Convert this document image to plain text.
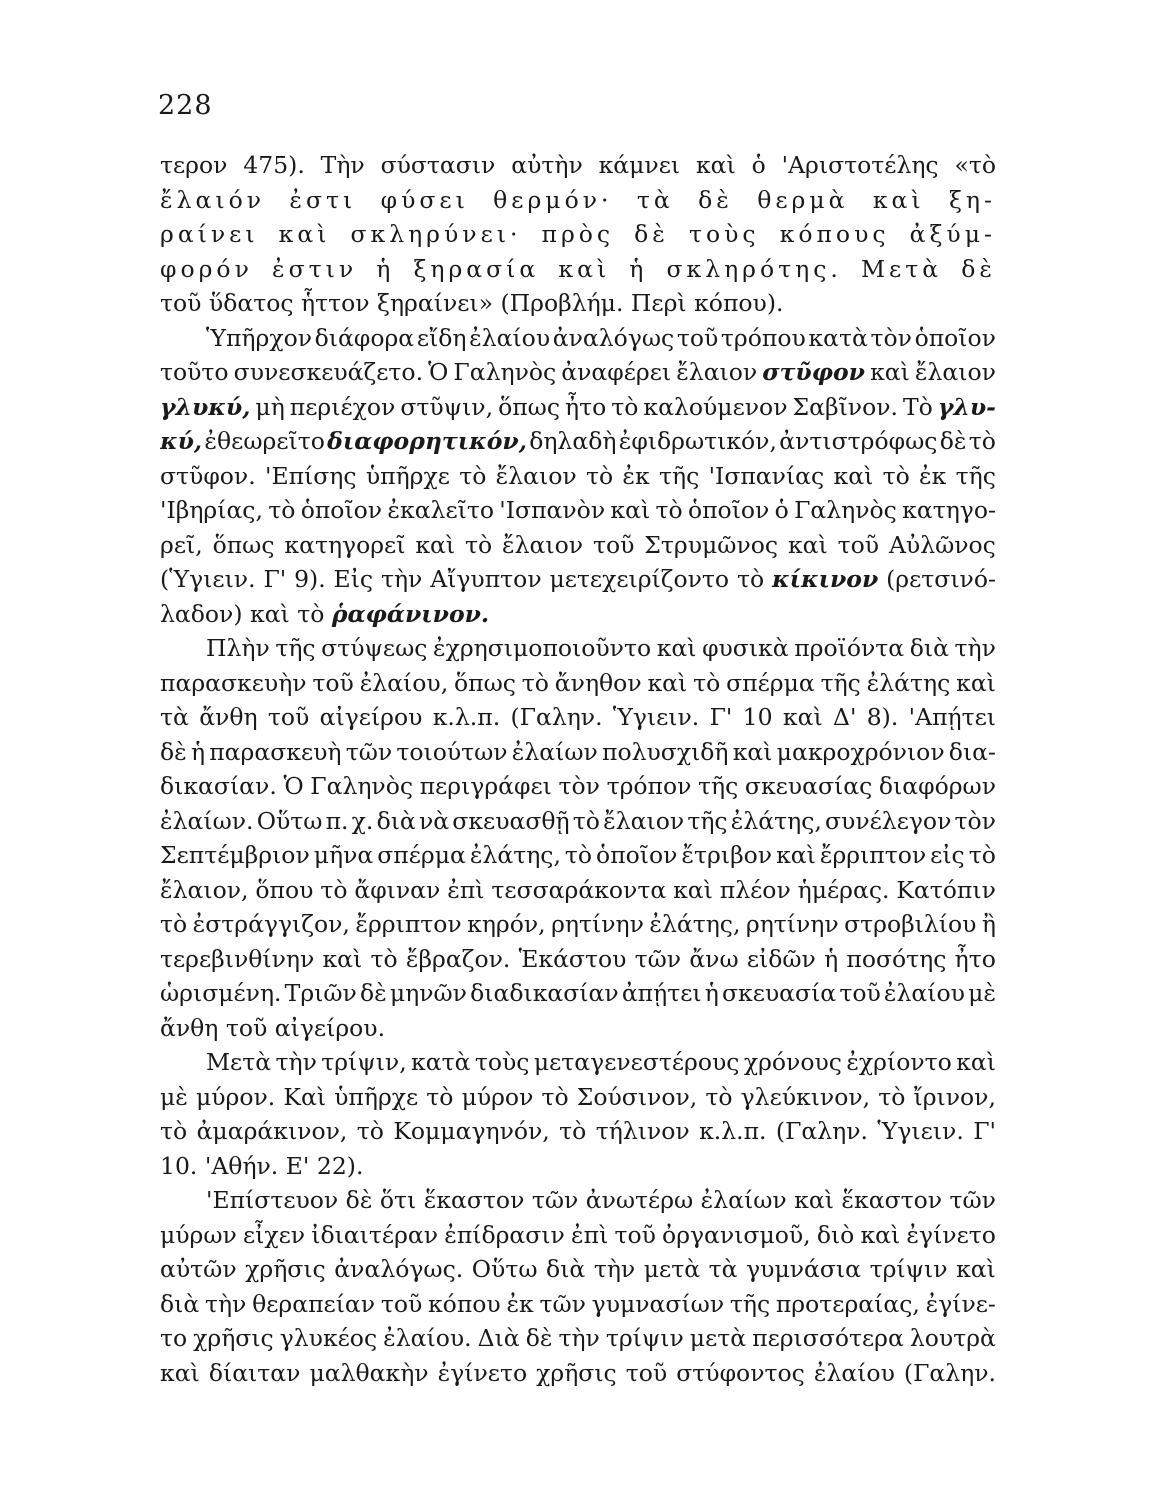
228
τερον 475). Τὴν σύστασιν αὐτὴν κάμνει καὶ ὁ 'Αριστοτέλης «τὸ
ἔλαιόν ἐστι φύσει θερμόν· τὰ δὲ θερμὰ καὶ ξη-
ραίνει καὶ σκληρύνει· πρὸς δὲ τοὺς κόπους ἀξύμ-
φορόν ἐστιν ἡ ξηρασία καὶ ἡ σκληρότης. Μετὰ δὲ
τοῦ
ὕδατος
ἧττον
ξηραίνει»
(Προβλήμ.
Περὶ
κόπου).
Ὑπῆρχον διάφορα εἴδη ἐλαίου ἀναλόγως τοῦ τρόπου κατὰ τὸν ὁποῖον
τοῦτο συνεσκευάζετο. Ὁ Γαληνὸς ἀναφέρει ἔλαιον στῦφον καὶ ἔλαιον
γλυκύ, μὴ περιέχον στῦψιν, ὅπως ἦτο τὸ καλούμενον Σαβῖνον. Τὸ γλυ-
κύ, ἐθεωρεῖτο διαφορητικόν, δηλαδὴ ἐφιδρωτικόν, ἀντιστρόφως δὲ τὸ
στῦφον. 'Επίσης ὑπῆρχε τὸ ἔλαιον τὸ ἐκ τῆς 'Ισπανίας καὶ τὸ ἐκ τῆς
'Ιβηρίας, τὸ ὁποῖον ἐκαλεῖτο 'Ισπανὸν καὶ τὸ ὁποῖον ὁ Γαληνὸς κατηγο-
ρεῖ, ὅπως κατηγορεῖ καὶ τὸ ἔλαιον τοῦ Στρυμῶνος καὶ τοῦ Αὐλῶνος
(Ὑγιειν. Γ' 9). Εἰς τὴν Αἴγυπτον μετεχειρίζοντο τὸ κίκινον (ρετσινό-
λαδον)
καὶ
τὸ
ῥαφάνινον.
Πλὴν τῆς στύψεως ἐχρησιμοποιοῦντο καὶ φυσικὰ προϊόντα διὰ τὴν
παρασκευὴν τοῦ ἐλαίου, ὅπως τὸ ἄνηθον καὶ τὸ σπέρμα τῆς ἐλάτης καὶ
τὰ ἄνθη τοῦ αἰγείρου κ.λ.π. (Γαλην. Ὑγιειν. Γ' 10 καὶ Δ' 8). 'Απῄτει
δὲ ἡ παρασκευὴ τῶν τοιούτων ἐλαίων πολυσχιδῆ καὶ μακροχρόνιον δια-
δικασίαν. Ὁ Γαληνὸς περιγράφει τὸν τρόπον τῆς σκευασίας διαφόρων
ἐλαίων. Οὕτω π. χ. διὰ νὰ σκευασθῇ τὸ ἔλαιον τῆς ἐλάτης, συνέλεγον τὸν
Σεπτέμβριον μῆνα σπέρμα ἐλάτης, τὸ ὁποῖον ἔτριβον καὶ ἔρριπτον εἰς τὸ
ἔλαιον, ὅπου τὸ ἄφιναν ἐπὶ τεσσαράκοντα καὶ πλέον ἡμέρας. Κατόπιν
τὸ ἐστράγγιζον, ἔρριπτον κηρόν, ρητίνην ἐλάτης, ρητίνην στροβιλίου ἢ
τερεβινθίνην καὶ τὸ ἔβραζον. Ἑκάστου τῶν ἄνω εἰδῶν ἡ ποσότης ἦτο
ὡρισμένη. Τριῶν δὲ μηνῶν διαδικασίαν ἀπῄτει ἡ σκευασία τοῦ ἐλαίου μὲ
ἄνθη
τοῦ
αἰγείρου.
Μετὰ τὴν τρίψιν, κατὰ τοὺς μεταγενεστέρους χρόνους ἐχρίοντο καὶ
μὲ μύρον. Καὶ ὑπῆρχε τὸ μύρον τὸ Σούσινον, τὸ γλεύκινον, τὸ ἴρινον,
τὸ ἀμαράκινον, τὸ Κομμαγηνόν, τὸ τήλινον κ.λ.π. (Γαλην. Ὑγιειν. Γ'
10.
'Αθήν.
Ε'
22).
'Επίστευον δὲ ὅτι ἕκαστον τῶν ἀνωτέρω ἐλαίων καὶ ἕκαστον τῶν
μύρων εἶχεν ἰδιαιτέραν ἐπίδρασιν ἐπὶ τοῦ ὀργανισμοῦ, διὸ καὶ ἐγίνετο
αὐτῶν χρῆσις ἀναλόγως. Οὕτω διὰ τὴν μετὰ τὰ γυμνάσια τρίψιν καὶ
διὰ τὴν θεραπείαν τοῦ κόπου ἐκ τῶν γυμνασίων τῆς προτεραίας, ἐγίνε-
το χρῆσις γλυκέος ἐλαίου. Διὰ δὲ τὴν τρίψιν μετὰ περισσότερα λουτρὰ
καὶ δίαιταν μαλθακὴν ἐγίνετο χρῆσις τοῦ στύφοντος ἐλαίου (Γαλην.
